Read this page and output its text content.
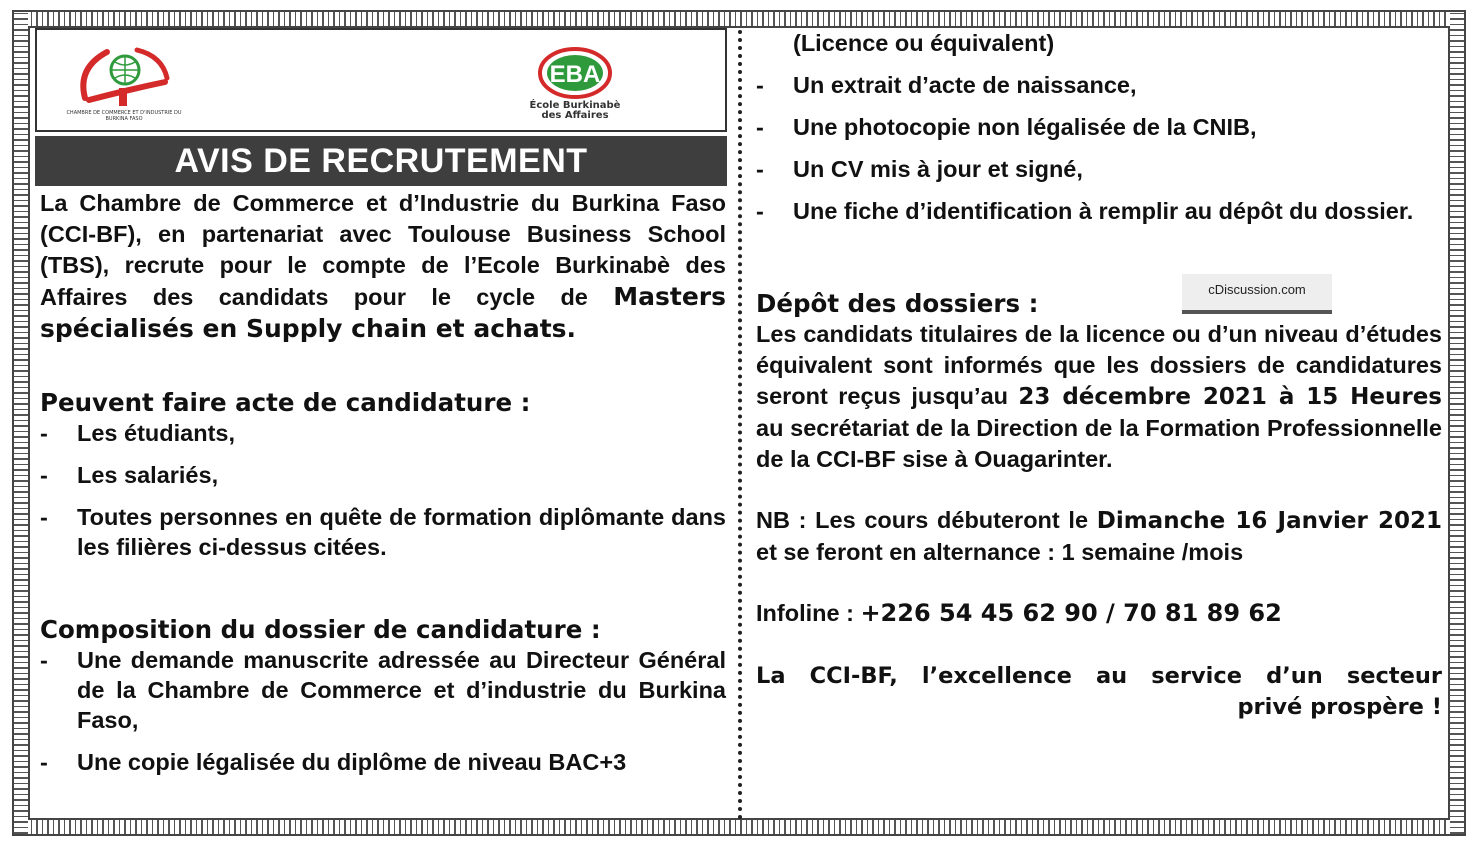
CHAMBRE DE COMMERCE ET D'INDUSTRIE DU BURKINA FASO
EBA
École Burkinabè
des Affaires
AVIS DE RECRUTEMENT

La Chambre de Commerce et d’Industrie du Burkina Faso (CCI-BF), en partenariat avec Toulouse Business School (TBS), recrute pour le compte de l’Ecole Burkinabè des Affaires des candidats pour le cycle de Masters spécialisés en Supply chain et achats.

Peuvent faire acte de candidature :

-	Les étudiants,
-	Les salariés,
-	Toutes personnes en quête de formation diplômante dans les filières ci-dessus citées.

Composition du dossier de candidature :

-	Une demande manuscrite adressée au Directeur Général de la Chambre de Commerce et d’industrie du Burkina Faso,
-	Une copie légalisée du diplôme de niveau BAC+3
(Licence ou équivalent)
-	Un extrait d’acte de naissance,
-	Une photocopie non légalisée de la CNIB,
-	Un CV mis à jour et signé,
-	Une fiche d’identification à remplir au dépôt du dossier.

Dépôt des dossiers :

Les candidats titulaires de la licence ou d’un niveau d’études équivalent sont informés que les dossiers de candidatures seront reçus jusqu’au 23 décembre 2021 à 15 Heures au secrétariat de la Direction de la Formation Professionnelle de la CCI-BF sise à Ouagarinter.

NB : Les cours débuteront le Dimanche 16 Janvier 2021 et se feront en alternance : 1 semaine /mois

Infoline : +226 54 45 62 90 / 70 81 89 62

La CCI-BF, l’excellence au service d’un secteur

privé prospère !

cDiscussion.com
